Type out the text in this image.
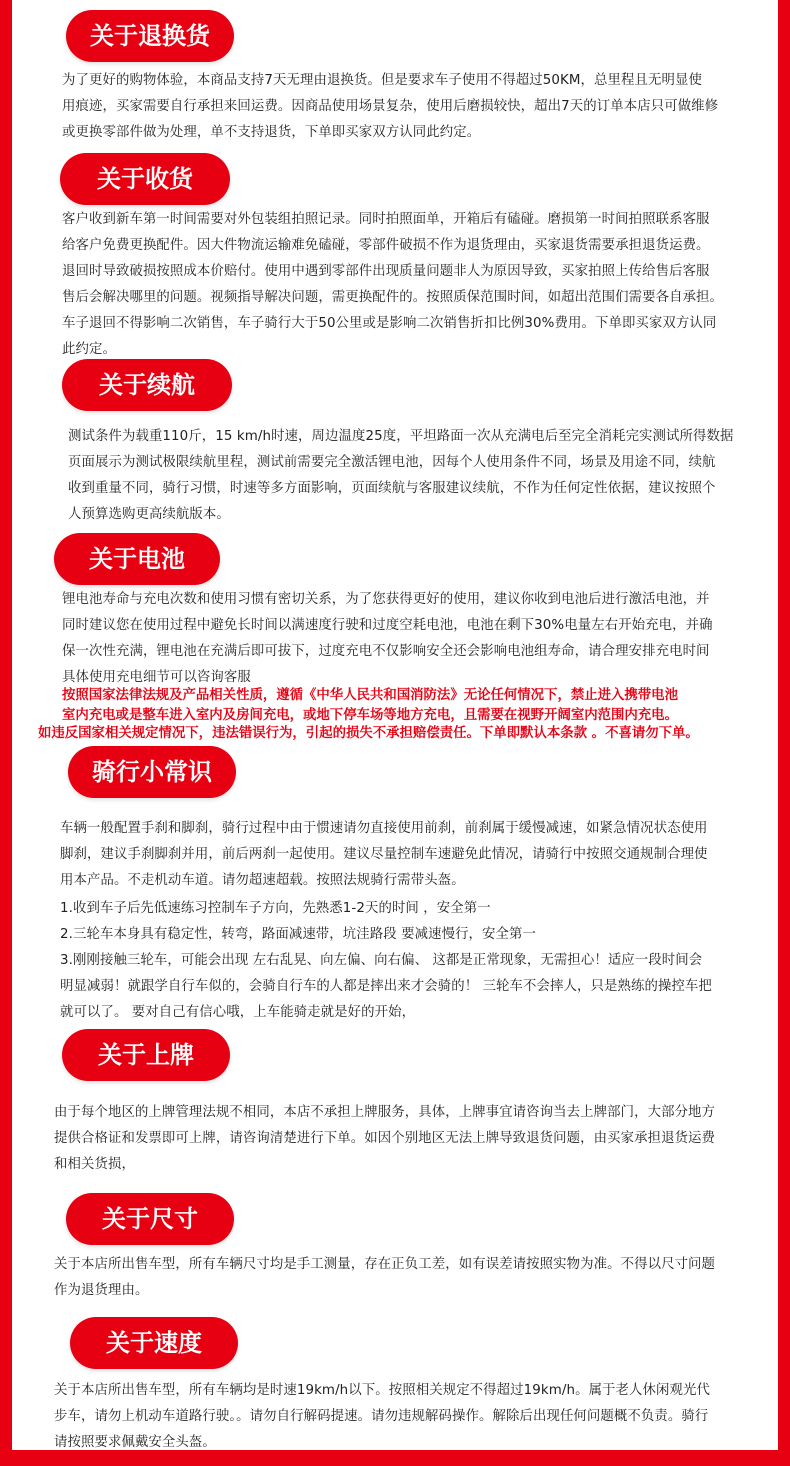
关于退换货

为了更好的购物体验，本商品支持7天无理由退换货。但是要求车子使用不得超过50KM，总里程且无明显使

用痕迹，买家需要自行承担来回运费。因商品使用场景复杂，使用后磨损较快，超出7天的订单本店只可做维修

或更换零部件做为处理，单不支持退货，下单即买家双方认同此约定。

关于收货

客户收到新车第一时间需要对外包装组拍照记录。同时拍照面单，开箱后有磕碰。磨损第一时间拍照联系客服

给客户免费更换配件。因大件物流运输难免磕碰，零部件破损不作为退货理由，买家退货需要承担退货运费。

退回时导致破损按照成本价赔付。使用中遇到零部件出现质量问题非人为原因导致，买家拍照上传给售后客服

售后会解决哪里的问题。视频指导解决问题，需更换配件的。按照质保范围时间，如超出范围们需要各自承担。

车子退回不得影响二次销售，车子骑行大于50公里或是影响二次销售折扣比例30%费用。下单即买家双方认同

此约定。

关于续航

测试条件为载重110斤，15 km/h时速，周边温度25度，平坦路面一次从充满电后至完全消耗完实测试所得数据

页面展示为测试极限续航里程，测试前需要完全激活锂电池，因每个人使用条件不同，场景及用途不同，续航

收到重量不同，骑行习惯，时速等多方面影响，页面续航与客服建议续航，不作为任何定性依据，建议按照个

人预算选购更高续航版本。

关于电池

锂电池寿命与充电次数和使用习惯有密切关系，为了您获得更好的使用，建议你收到电池后进行激活电池，并

同时建议您在使用过程中避免长时间以满速度行驶和过度空耗电池，电池在剩下30%电量左右开始充电，并确

保一次性充满，锂电池在充满后即可拔下，过度充电不仅影响安全还会影响电池组寿命，请合理安排充电时间

具体使用充电细节可以咨询客服

按照国家法律法规及产品相关性质，遵循《中华人民共和国消防法》无论任何情况下，禁止进入携带电池

室内充电或是整车进入室内及房间充电，或地下停车场等地方充电，且需要在视野开阔室内范围内充电。

如违反国家相关规定情况下，违法错误行为，引起的损失不承担赔偿责任。下单即默认本条款 。不喜请勿下单。

骑行小常识

车辆一般配置手刹和脚刹，骑行过程中由于惯速请勿直接使用前刹，前刹属于缓慢减速，如紧急情况状态使用

脚刹，建议手刹脚刹并用，前后两刹一起使用。建议尽量控制车速避免此情况，请骑行中按照交通规制合理使

用本产品。不走机动车道。请勿超速超载。按照法规骑行需带头盔。

1.收到车子后先低速练习控制车子方向，先熟悉1-2天的时间 ，安全第一

2.三轮车本身具有稳定性，转弯，路面减速带，坑洼路段 要减速慢行，安全第一

3.刚刚接触三轮车，可能会出现 左右乱晃、向左偏、向右偏、 这都是正常现象，无需担心！适应一段时间会

明显减弱！就跟学自行车似的，会骑自行车的人都是摔出来才会骑的！ 三轮车不会摔人，只是熟练的操控车把

就可以了。 要对自己有信心哦，上车能骑走就是好的开始，

关于上牌

由于每个地区的上牌管理法规不相同，本店不承担上牌服务，具体，上牌事宜请咨询当去上牌部门，大部分地方

提供合格证和发票即可上牌，请咨询清楚进行下单。如因个别地区无法上牌导致退货问题，由买家承担退货运费

和相关货损，

关于尺寸

关于本店所出售车型，所有车辆尺寸均是手工测量，存在正负工差，如有误差请按照实物为准。不得以尺寸问题

作为退货理由。

关于速度

关于本店所出售车型，所有车辆均是时速19km/h以下。按照相关规定不得超过19km/h。属于老人休闲观光代

步车，请勿上机动车道路行驶。。请勿自行解码提速。请勿违规解码操作。解除后出现任何问题概不负责。骑行

请按照要求佩戴安全头盔。
